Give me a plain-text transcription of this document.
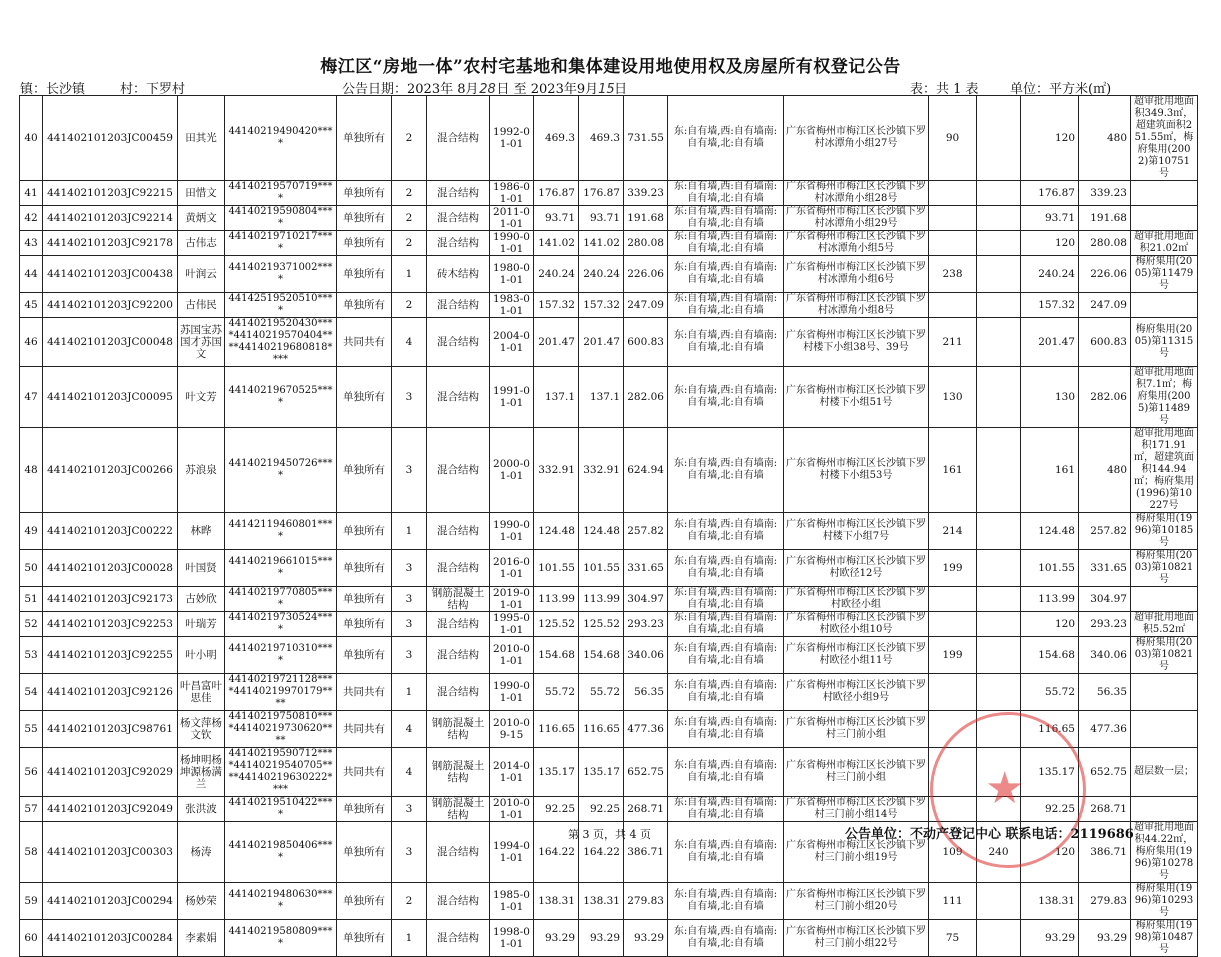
梅江区“房地一体”农村宅基地和集体建设用地使用权及房屋所有权登记公告
镇：长沙镇	村：下罗村	公告日期：2023年 8月28日 至 2023年9月15日	表：共 1 表 单位：平方米(㎡)
40	441402101203JC00459	田其光	44140219490420****	单独所有	2	混合结构	1992-01-01	469.3	469.3	731.55	东:自有墙,西:自有墙南:自有墙,北:自有墙	广东省梅州市梅江区长沙镇下罗村冰潭角小组27号	90		120	480	超审批用地面积349.3㎡，超建筑面积251.55㎡，梅府集用(2002)第10751号
41	441402101203JC92215	田惜文	44140219570719****	单独所有	2	混合结构	1986-01-01	176.87	176.87	339.23	东:自有墙,西:自有墙南:自有墙,北:自有墙	广东省梅州市梅江区长沙镇下罗村冰潭角小组28号			176.87	339.23	
42	441402101203JC92214	黄炳文	44140219590804****	单独所有	2	混合结构	2011-01-01	93.71	93.71	191.68	东:自有墙,西:自有墙南:自有墙,北:自有墙	广东省梅州市梅江区长沙镇下罗村冰潭角小组29号			93.71	191.68	
43	441402101203JC92178	古伟志	44140219710217****	单独所有	2	混合结构	1990-01-01	141.02	141.02	280.08	东:自有墙,西:自有墙南:自有墙,北:自有墙	广东省梅州市梅江区长沙镇下罗村冰潭角小组5号			120	280.08	超审批用地面积21.02㎡
44	441402101203JC00438	叶润云	44140219371002****	单独所有	1	砖木结构	1980-01-01	240.24	240.24	226.06	东:自有墙,西:自有墙南:自有墙,北:自有墙	广东省梅州市梅江区长沙镇下罗村冰潭角小组6号	238		240.24	226.06	梅府集用(2005)第11479号
45	441402101203JC92200	古伟民	44142519520510****	单独所有	2	混合结构	1983-01-01	157.32	157.32	247.09	东:自有墙,西:自有墙南:自有墙,北:自有墙	广东省梅州市梅江区长沙镇下罗村冰潭角小组8号			157.32	247.09	
46	441402101203JC00048	苏国宝苏国才苏国文	44140219520430****44140219570404****44140219680818****	共同共有	4	混合结构	2004-01-01	201.47	201.47	600.83	东:自有墙,西:自有墙南:自有墙,北:自有墙	广东省梅州市梅江区长沙镇下罗村楼下小组38号、39号	211		201.47	600.83	梅府集用(2005)第11315号
47	441402101203JC00095	叶文芳	44140219670525****	单独所有	3	混合结构	1991-01-01	137.1	137.1	282.06	东:自有墙,西:自有墙南:自有墙,北:自有墙	广东省梅州市梅江区长沙镇下罗村楼下小组51号	130		130	282.06	超审批用地面积7.1㎡；梅府集用(2005)第11489号
48	441402101203JC00266	苏浪泉	44140219450726****	单独所有	3	混合结构	2000-01-01	332.91	332.91	624.94	东:自有墙,西:自有墙南:自有墙,北:自有墙	广东省梅州市梅江区长沙镇下罗村楼下小组53号	161		161	480	超审批用地面积171.91㎡，超建筑面积144.94㎡；梅府集用(1996)第10227号
49	441402101203JC00222	林晔	44142119460801****	单独所有	1	混合结构	1990-01-01	124.48	124.48	257.82	东:自有墙,西:自有墙南:自有墙,北:自有墙	广东省梅州市梅江区长沙镇下罗村楼下小组7号	214		124.48	257.82	梅府集用(1996)第10185号
50	441402101203JC00028	叶国贤	44140219661015****	单独所有	3	混合结构	2016-01-01	101.55	101.55	331.65	东:自有墙,西:自有墙南:自有墙,北:自有墙	广东省梅州市梅江区长沙镇下罗村欧径12号	199		101.55	331.65	梅府集用(2003)第10821号
51	441402101203JC92173	古妙欣	44140219770805****	单独所有	3	钢筋混凝土结构	2019-01-01	113.99	113.99	304.97	东:自有墙,西:自有墙南:自有墙,北:自有墙	广东省梅州市梅江区长沙镇下罗村欧径小组			113.99	304.97	
52	441402101203JC92253	叶瑞芳	44140219730524****	单独所有	3	混合结构	1995-01-01	125.52	125.52	293.23	东:自有墙,西:自有墙南:自有墙,北:自有墙	广东省梅州市梅江区长沙镇下罗村欧径小组10号			120	293.23	超审批用地面积5.52㎡
53	441402101203JC92255	叶小明	44140219710310****	单独所有	3	混合结构	2010-01-01	154.68	154.68	340.06	东:自有墙,西:自有墙南:自有墙,北:自有墙	广东省梅州市梅江区长沙镇下罗村欧径小组11号	199		154.68	340.06	梅府集用(2003)第10821号
54	441402101203JC92126	叶昌富叶思佳	44140219721128****44140219970179****	共同共有	1	混合结构	1990-01-01	55.72	55.72	56.35	东:自有墙,西:自有墙南:自有墙,北:自有墙	广东省梅州市梅江区长沙镇下罗村欧径小组9号			55.72	56.35	
55	441402101203JC98761	杨文萍杨文钦	44140219750810****44140219730620****	共同共有	4	钢筋混凝土结构	2010-09-15	116.65	116.65	477.36	东:自有墙,西:自有墙南:自有墙,北:自有墙	广东省梅州市梅江区长沙镇下罗村三门前小组			116.65	477.36	
56	441402101203JC92029	杨坤明杨坤源杨满兰	44140219590712****44140219540705****44140219630222****	共同共有	4	钢筋混凝土结构	2014-01-01	135.17	135.17	652.75	东:自有墙,西:自有墙南:自有墙,北:自有墙	广东省梅州市梅江区长沙镇下罗村三门前小组			135.17	652.75	超层数一层；
57	441402101203JC92049	张洪波	44140219510422****	单独所有	3	钢筋混凝土结构	2010-01-01	92.25	92.25	268.71	东:自有墙,西:自有墙南:自有墙,北:自有墙	广东省梅州市梅江区长沙镇下罗村三门前小组14号			92.25	268.71	
58	441402101203JC00303	杨涛	44140219850406****	单独所有	3	混合结构	1994-01-01	164.22	164.22	386.71	东:自有墙,西:自有墙南:自有墙,北:自有墙	广东省梅州市梅江区长沙镇下罗村三门前小组19号	109	240	120	386.71	超审批用地面积44.22㎡，梅府集用(1996)第10278号
59	441402101203JC00294	杨妙荣	44140219480630****	单独所有	2	混合结构	1985-01-01	138.31	138.31	279.83	东:自有墙,西:自有墙南:自有墙,北:自有墙	广东省梅州市梅江区长沙镇下罗村三门前小组20号	111		138.31	279.83	梅府集用(1996)第10293号
60	441402101203JC00284	李素娟	44140219580809****	单独所有	1	混合结构	1998-01-01	93.29	93.29	93.29	东:自有墙,西:自有墙南:自有墙,北:自有墙	广东省梅州市梅江区长沙镇下罗村三门前小组22号	75		93.29	93.29	梅府集用(1998)第10487号
★
第 3 页，共 4 页	公告单位：不动产登记中心 联系电话：2119686
